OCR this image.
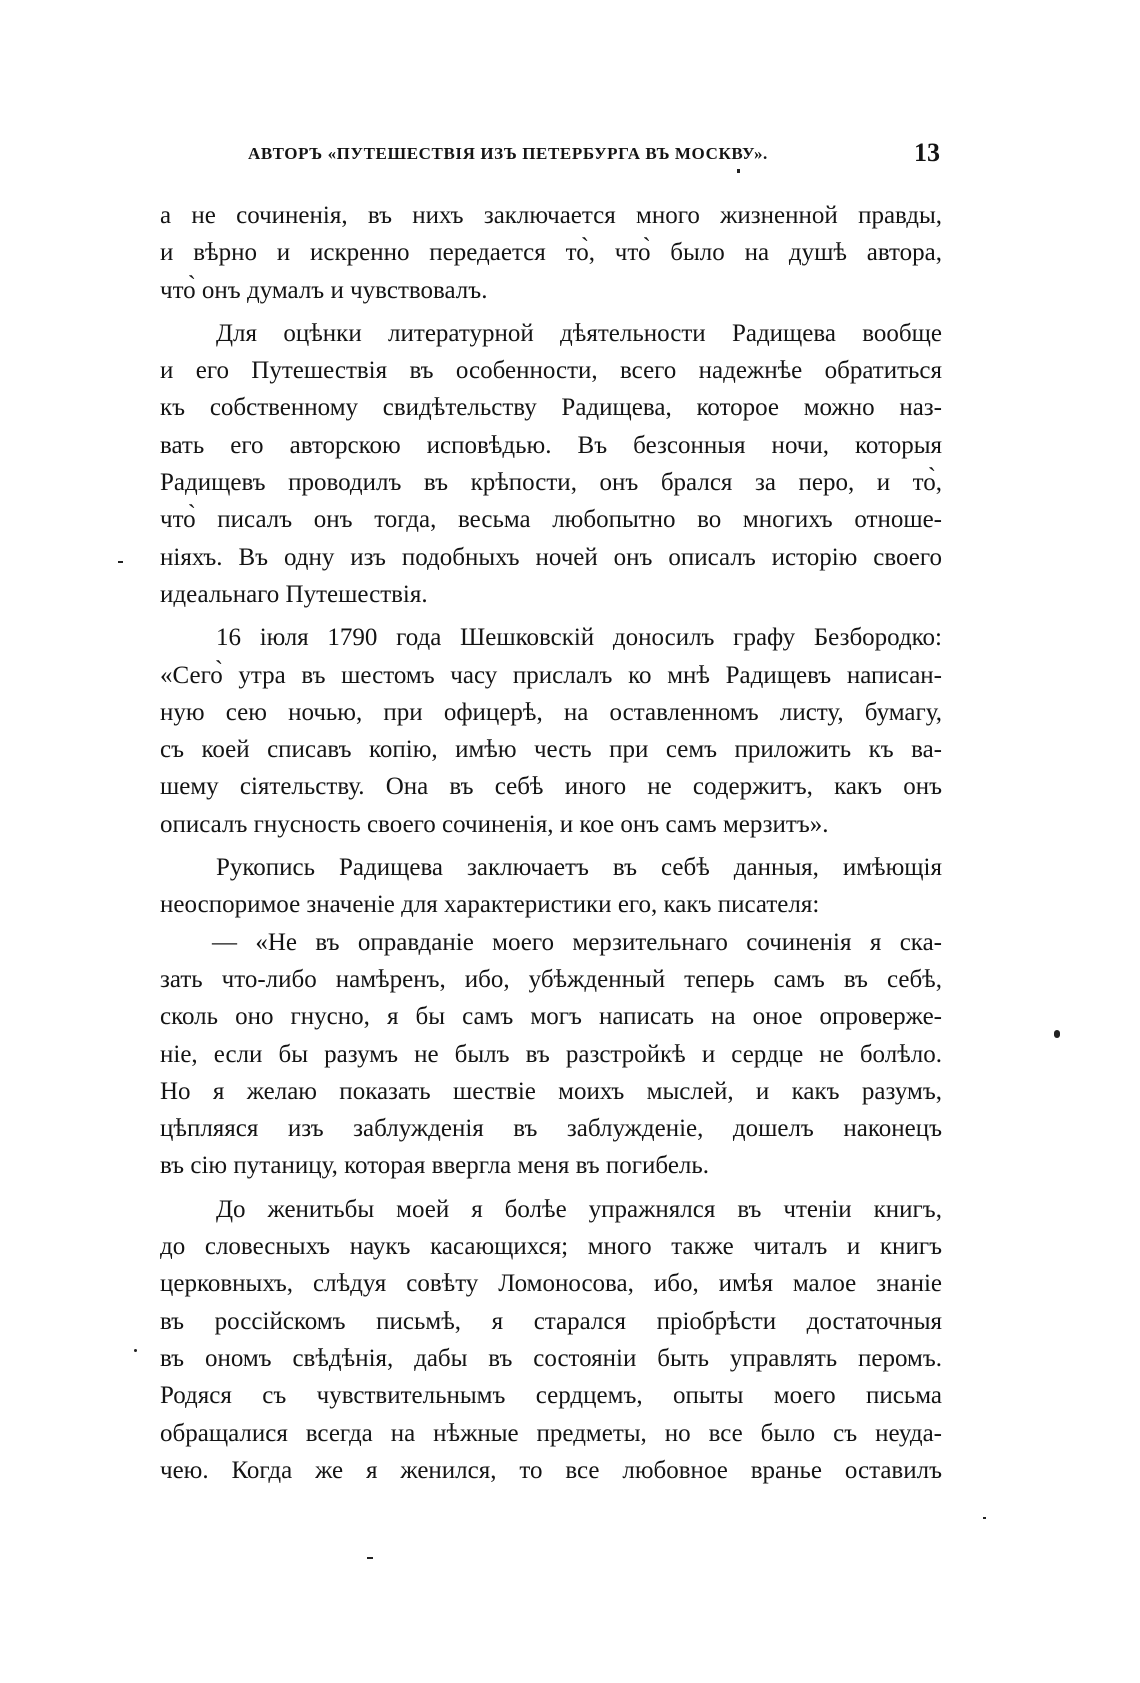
АВТОРЪ «ПУТЕШЕСТВІЯ ИЗЪ ПЕТЕРБУРГА ВЪ МОСКВУ».	13
а не сочиненія, въ нихъ заключается много жизненной правды,
и вѣрно и искренно передается то̀, что̀ было на душѣ автора,
что̀ онъ думалъ и чувствовалъ.
Для оцѣнки литературной дѣятельности Радищева вообще
и его Путешествія въ особенности, всего надежнѣе обратиться
къ собственному свидѣтельству Радищева, которое можно наз-
вать его авторскою исповѣдью. Въ безсонныя ночи, которыя
Радищевъ проводилъ въ крѣпости, онъ брался за перо, и то̀,
что̀ писалъ онъ тогда, весьма любопытно во многихъ отноше-
ніяхъ. Въ одну изъ подобныхъ ночей онъ описалъ исторію своего
идеальнаго Путешествія.
16 іюля 1790 года Шешковскій доносилъ графу Безбородко:
«Сего̀ утра въ шестомъ часу прислалъ ко мнѣ Радищевъ написан-
ную сею ночью, при офицерѣ, на оставленномъ листу, бумагу,
съ коей списавъ копію, имѣю честь при семъ приложить къ ва-
шему сіятельству. Она въ себѣ иного не содержитъ, какъ онъ
описалъ гнусность своего сочиненія, и кое онъ самъ мерзитъ».
Рукопись Радищева заключаетъ въ себѣ данныя, имѣющія
неоспоримое значеніе для характеристики его, какъ писателя:
— «Не въ оправданіе моего мерзительнаго сочиненія я ска-
зать что-либо намѣренъ, ибо, убѣжденный теперь самъ въ себѣ,
сколь оно гнусно, я бы самъ могъ написать на оное опроверже-
ніе, если бы разумъ не былъ въ разстройкѣ и сердце не болѣло.
Но я желаю показать шествіе моихъ мыслей, и какъ разумъ,
цѣпляяся изъ заблужденія въ заблужденіе, дошелъ наконецъ
въ сію путаницу, которая ввергла меня въ погибель.
До женитьбы моей я болѣе упражнялся въ чтеніи книгъ,
до словесныхъ наукъ касающихся; много также читалъ и книгъ
церковныхъ, слѣдуя совѣту Ломоносова, ибо, имѣя малое знаніе
въ россійскомъ письмѣ, я старался пріобрѣсти достаточныя
въ ономъ свѣдѣнія, дабы въ состояніи быть управлять перомъ.
Родяся съ чувствительнымъ сердцемъ, опыты моего письма
обращалися всегда на нѣжные предметы, но все было съ неуда-
чею. Когда же я женился, то все любовное вранье оставилъ
